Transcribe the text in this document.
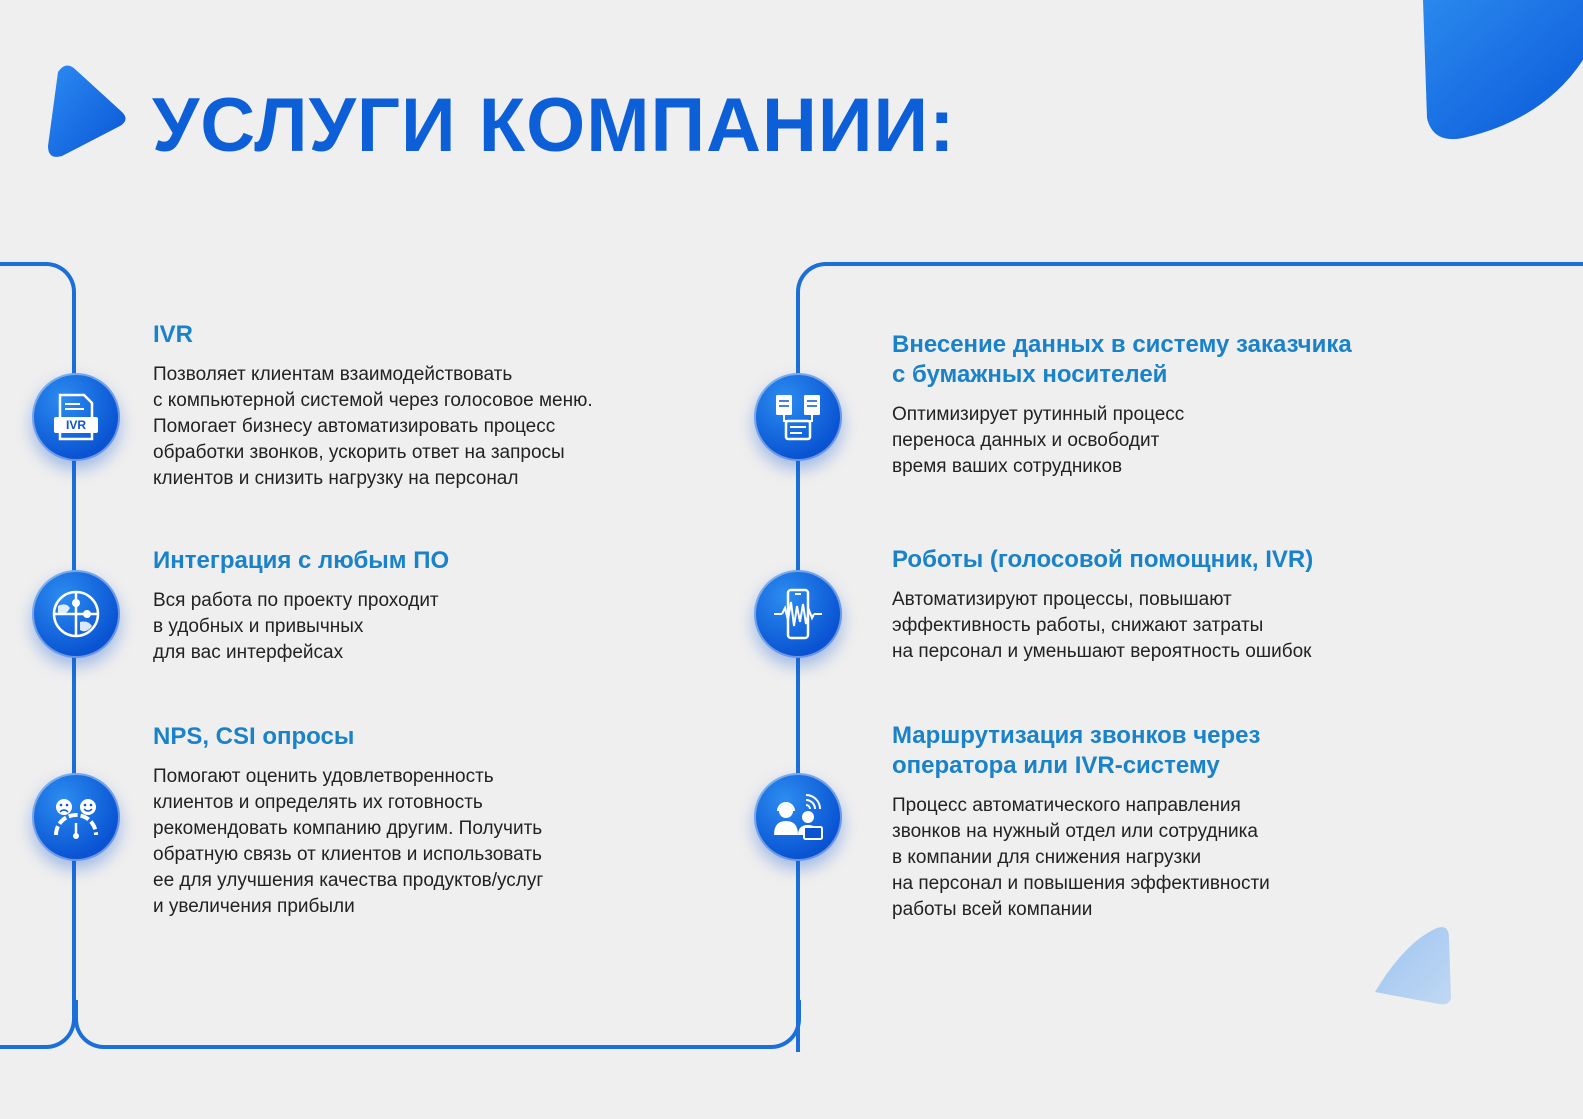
УСЛУГИ КОМПАНИИ:
IVR
IVR

Позволяет клиентам взаимодействовать
с компьютерной системой через голосовое меню.
Помогает бизнесу автоматизировать процесс
обработки звонков, ускорить ответ на запросы
клиентов и снизить нагрузку на персонал

Интеграция с любым ПО

Вся работа по проекту проходит
в удобных и привычных
для вас интерфейсах

NPS, CSI опросы

Помогают оценить удовлетворенность
клиентов и определять их готовность
рекомендовать компанию другим. Получить
обратную связь от клиентов и использовать
ее для улучшения качества продуктов/услуг
и увеличения прибыли

Внесение данных в систему заказчика
с бумажных носителей

Оптимизирует рутинный процесс
переноса данных и освободит
время ваших сотрудников

Роботы (голосовой помощник, IVR)

Автоматизируют процессы, повышают
эффективность работы, снижают затраты
на персонал и уменьшают вероятность ошибок

Маршрутизация звонков через
оператора или IVR-систему

Процесс автоматического направления
звонков на нужный отдел или сотрудника
в компании для снижения нагрузки
на персонал и повышения эффективности
работы всей компании
